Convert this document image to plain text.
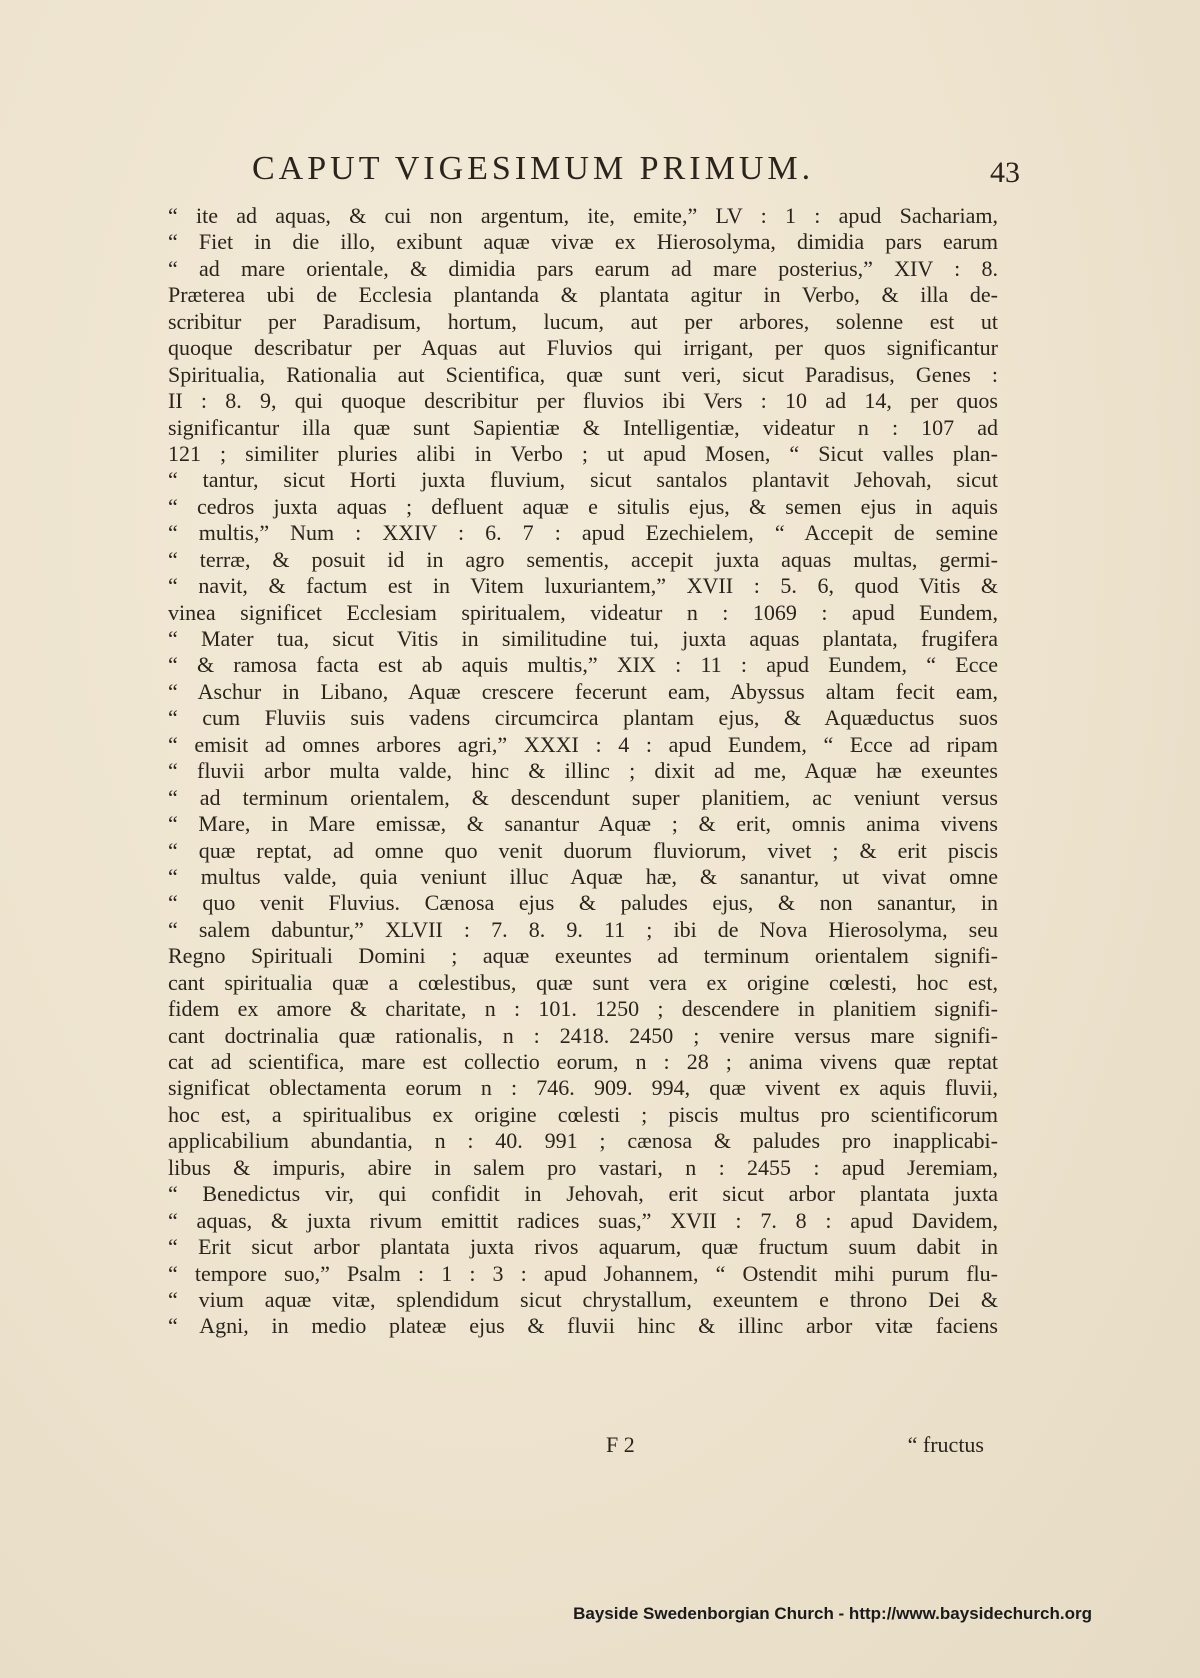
CAPUT VIGESIMUM PRIMUM.	43
“ ite ad aquas, & cui non argentum, ite, emite,” LV : 1 : apud Sachariam,
“ Fiet in die illo, exibunt aquæ vivæ ex Hierosolyma, dimidia pars earum
“ ad mare orientale, & dimidia pars earum ad mare posterius,” XIV : 8.
Præterea ubi de Ecclesia plantanda & plantata agitur in Verbo, & illa de-
scribitur per Paradisum, hortum, lucum, aut per arbores, solenne est ut
quoque describatur per Aquas aut Fluvios qui irrigant, per quos significantur
Spiritualia, Rationalia aut Scientifica, quæ sunt veri, sicut Paradisus, Genes :
II : 8. 9, qui quoque describitur per fluvios ibi Vers : 10 ad 14, per quos
significantur illa quæ sunt Sapientiæ & Intelligentiæ, videatur n : 107 ad
121 ; similiter pluries alibi in Verbo ; ut apud Mosen, “ Sicut valles plan-
“ tantur, sicut Horti juxta fluvium, sicut santalos plantavit Jehovah, sicut
“ cedros juxta aquas ; defluent aquæ e situlis ejus, & semen ejus in aquis
“ multis,” Num : XXIV : 6. 7 : apud Ezechielem, “ Accepit de semine
“ terræ, & posuit id in agro sementis, accepit juxta aquas multas, germi-
“ navit, & factum est in Vitem luxuriantem,” XVII : 5. 6, quod Vitis &
vinea significet Ecclesiam spiritualem, videatur n : 1069 : apud Eundem,
“ Mater tua, sicut Vitis in similitudine tui, juxta aquas plantata, frugifera
“ & ramosa facta est ab aquis multis,” XIX : 11 : apud Eundem, “ Ecce
“ Aschur in Libano, Aquæ crescere fecerunt eam, Abyssus altam fecit eam,
“ cum Fluviis suis vadens circumcirca plantam ejus, & Aquæductus suos
“ emisit ad omnes arbores agri,” XXXI : 4 : apud Eundem, “ Ecce ad ripam
“ fluvii arbor multa valde, hinc & illinc ; dixit ad me, Aquæ hæ exeuntes
“ ad terminum orientalem, & descendunt super planitiem, ac veniunt versus
“ Mare, in Mare emissæ, & sanantur Aquæ ; & erit, omnis anima vivens
“ quæ reptat, ad omne quo venit duorum fluviorum, vivet ; & erit piscis
“ multus valde, quia veniunt illuc Aquæ hæ, & sanantur, ut vivat omne
“ quo venit Fluvius. Cænosa ejus & paludes ejus, & non sanantur, in
“ salem dabuntur,” XLVII : 7. 8. 9. 11 ; ibi de Nova Hierosolyma, seu
Regno Spirituali Domini ; aquæ exeuntes ad terminum orientalem signifi-
cant spiritualia quæ a cœlestibus, quæ sunt vera ex origine cœlesti, hoc est,
fidem ex amore & charitate, n : 101. 1250 ; descendere in planitiem signifi-
cant doctrinalia quæ rationalis, n : 2418. 2450 ; venire versus mare signifi-
cat ad scientifica, mare est collectio eorum, n : 28 ; anima vivens quæ reptat
significat oblectamenta eorum n : 746. 909. 994, quæ vivent ex aquis fluvii,
hoc est, a spiritualibus ex origine cœlesti ; piscis multus pro scientificorum
applicabilium abundantia, n : 40. 991 ; cænosa & paludes pro inapplicabi-
libus & impuris, abire in salem pro vastari, n : 2455 : apud Jeremiam,
“ Benedictus vir, qui confidit in Jehovah, erit sicut arbor plantata juxta
“ aquas, & juxta rivum emittit radices suas,” XVII : 7. 8 : apud Davidem,
“ Erit sicut arbor plantata juxta rivos aquarum, quæ fructum suum dabit in
“ tempore suo,” Psalm : 1 : 3 : apud Johannem, “ Ostendit mihi purum flu-
“ vium aquæ vitæ, splendidum sicut chrystallum, exeuntem e throno Dei &
“ Agni, in medio plateæ ejus & fluvii hinc & illinc arbor vitæ faciens
F 2	“ fructus
Bayside Swedenborgian Church - http://www.baysidechurch.org
